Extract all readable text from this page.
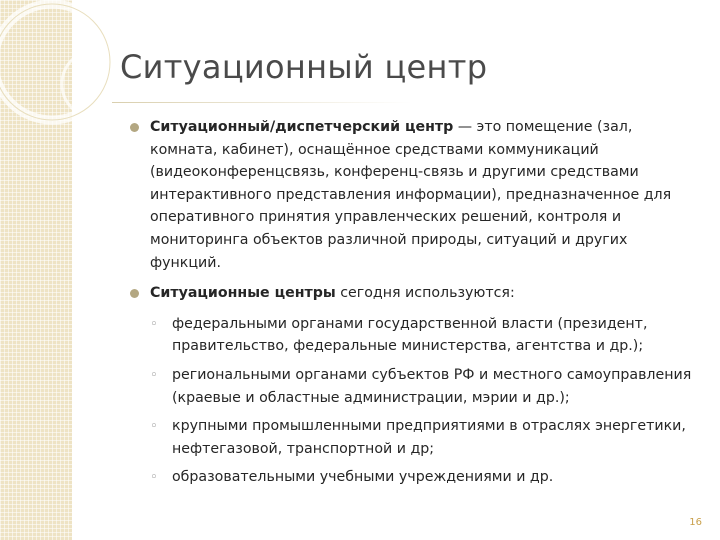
Ситуационный центр

Ситуационный/диспетчерский центр — это помещение (зал, комната, кабинет), оснащённое средствами коммуникаций (видеоконференцсвязь, конференц-связь и другими средствами интерактивного представления информации), предназначенное для оперативного принятия управленческих решений, контроля и мониторинга объектов различной природы, ситуаций и других функций.

Ситуационные центры сегодня используются:

◦ федеральными органами государственной власти (президент, правительство, федеральные министерства, агентства и др.);
◦ региональными органами субъектов РФ и местного самоуправления (краевые и областные администрации, мэрии и др.);
◦ крупными промышленными предприятиями в отраслях энергетики, нефтегазовой, транспортной и др;
◦ образовательными учебными учреждениями и др.
16
